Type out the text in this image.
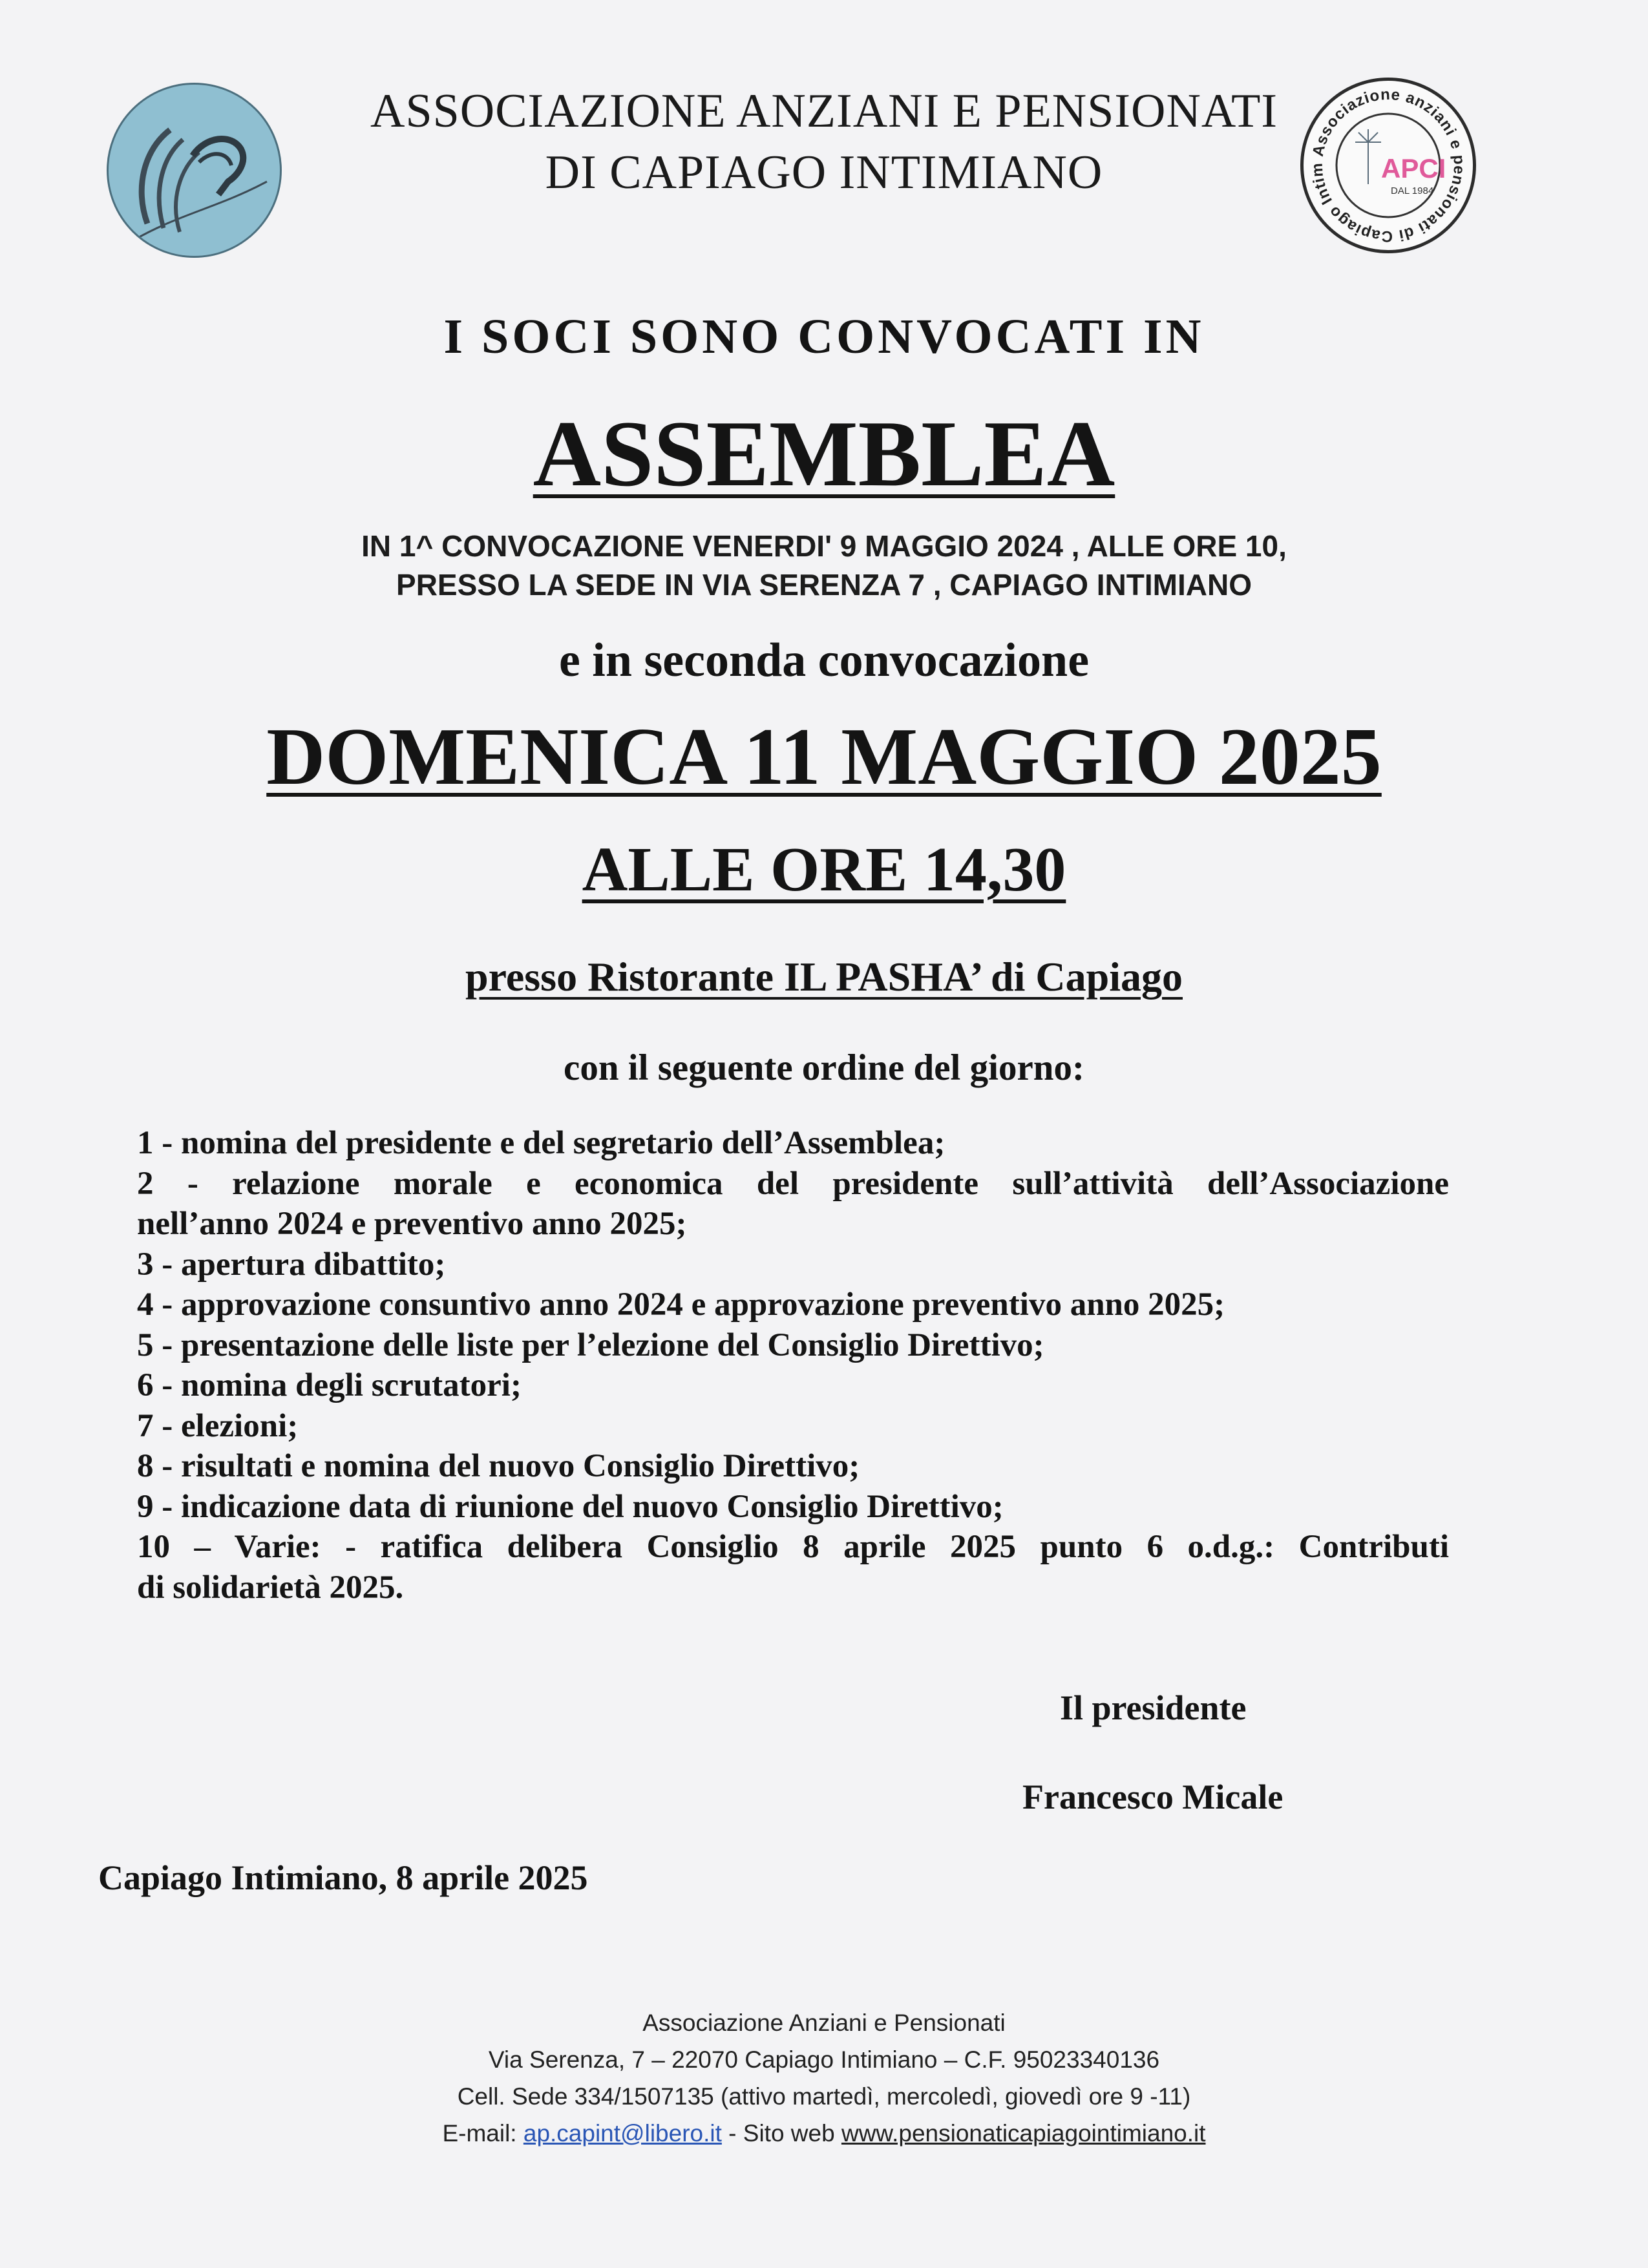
ASSOCIAZIONE ANZIANI E PENSIONATI
DI CAPIAGO INTIMIANO	Associazione anziani e pensionati di Capiago Intim	APCI
DAL 1984
I SOCI SONO CONVOCATI IN
ASSEMBLEA
IN 1^ CONVOCAZIONE VENERDI' 9 MAGGIO 2024 , ALLE ORE 10,
PRESSO LA SEDE IN VIA SERENZA 7 , CAPIAGO INTIMIANO
e in seconda convocazione
DOMENICA 11 MAGGIO 2025
ALLE ORE 14,30
presso Ristorante IL PASHA’ di Capiago
con il seguente ordine del giorno:
1 - nomina del presidente e del segretario dell’Assemblea;
2 - relazione morale e economica del presidente sull’attività dell’Associazione
nell’anno 2024 e preventivo anno 2025;
3 - apertura dibattito;
4 - approvazione consuntivo anno 2024 e approvazione preventivo anno 2025;
5 - presentazione delle liste per l’elezione del Consiglio Direttivo;
6 - nomina degli scrutatori;
7 - elezioni;
8 - risultati e nomina del nuovo Consiglio Direttivo;
9 - indicazione data di riunione del nuovo Consiglio Direttivo;
10 – Varie: - ratifica delibera Consiglio 8 aprile 2025 punto 6 o.d.g.: Contributi
di solidarietà 2025.
Il presidente
Francesco Micale
Capiago Intimiano, 8 aprile 2025
Associazione Anziani e Pensionati
Via Serenza, 7 – 22070 Capiago Intimiano – C.F. 95023340136
Cell. Sede 334/1507135 (attivo martedì, mercoledì, giovedì ore 9 -11)
E-mail: ap.capint@libero.it - Sito web www.pensionaticapiagointimiano.it
